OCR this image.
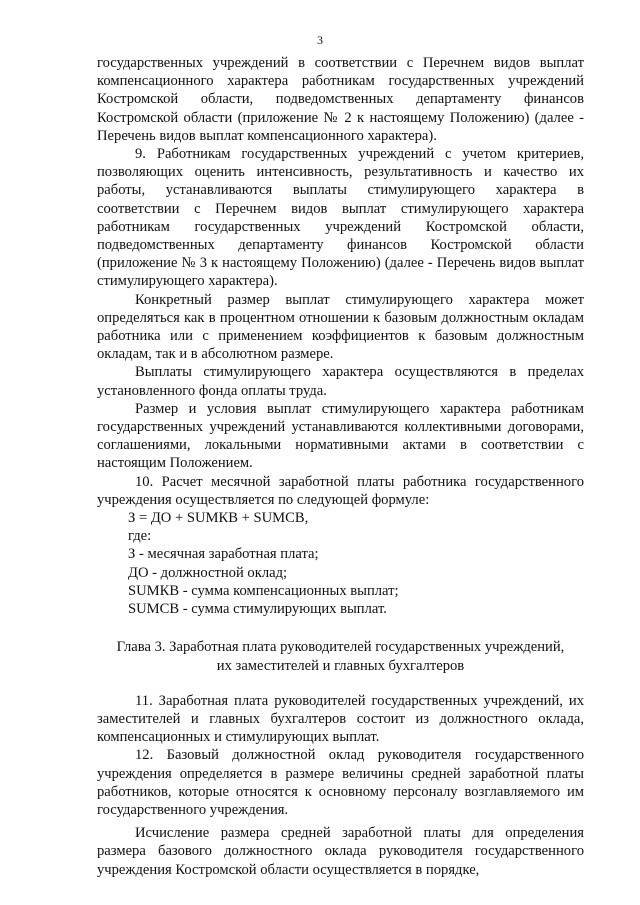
3

государственных учреждений в соответствии с Перечнем видов выплат компенсационного характера работникам государственных учреждений Костромской области, подведомственных департаменту финансов Костромской области (приложение № 2 к настоящему Положению) (далее - Перечень видов выплат компенсационного характера).

9. Работникам государственных учреждений с учетом критериев, позволяющих оценить интенсивность, результативность и качество их работы, устанавливаются выплаты стимулирующего характера в соответствии с Перечнем видов выплат стимулирующего характера работникам государственных учреждений Костромской области, подведомственных департаменту финансов Костромской области (приложение № 3 к настоящему Положению) (далее - Перечень видов выплат стимулирующего характера).

Конкретный размер выплат стимулирующего характера может определяться как в процентном отношении к базовым должностным окладам работника или с применением коэффициентов к базовым должностным окладам, так и в абсолютном размере.

Выплаты стимулирующего характера осуществляются в пределах установленного фонда оплаты труда.

Размер и условия выплат стимулирующего характера работникам государственных учреждений устанавливаются коллективными договорами, соглашениями, локальными нормативными актами в соответствии с настоящим Положением.

10. Расчет месячной заработной платы работника государственного учреждения осуществляется по следующей формуле:

З = ДО + SUMКВ + SUMСВ,
где:
З - месячная заработная плата;
ДО - должностной оклад;
SUMКВ - сумма компенсационных выплат;
SUMСВ - сумма стимулирующих выплат.
Глава 3. Заработная плата руководителей государственных учреждений,
их заместителей и главных бухгалтеров

11. Заработная плата руководителей государственных учреждений, их заместителей и главных бухгалтеров состоит из должностного оклада, компенсационных и стимулирующих выплат.

12. Базовый должностной оклад руководителя государственного учреждения определяется в размере величины средней заработной платы работников, которые относятся к основному персоналу возглавляемого им государственного учреждения.

Исчисление размера средней заработной платы для определения размера базового должностного оклада руководителя государственного учреждения Костромской области осуществляется в порядке,
